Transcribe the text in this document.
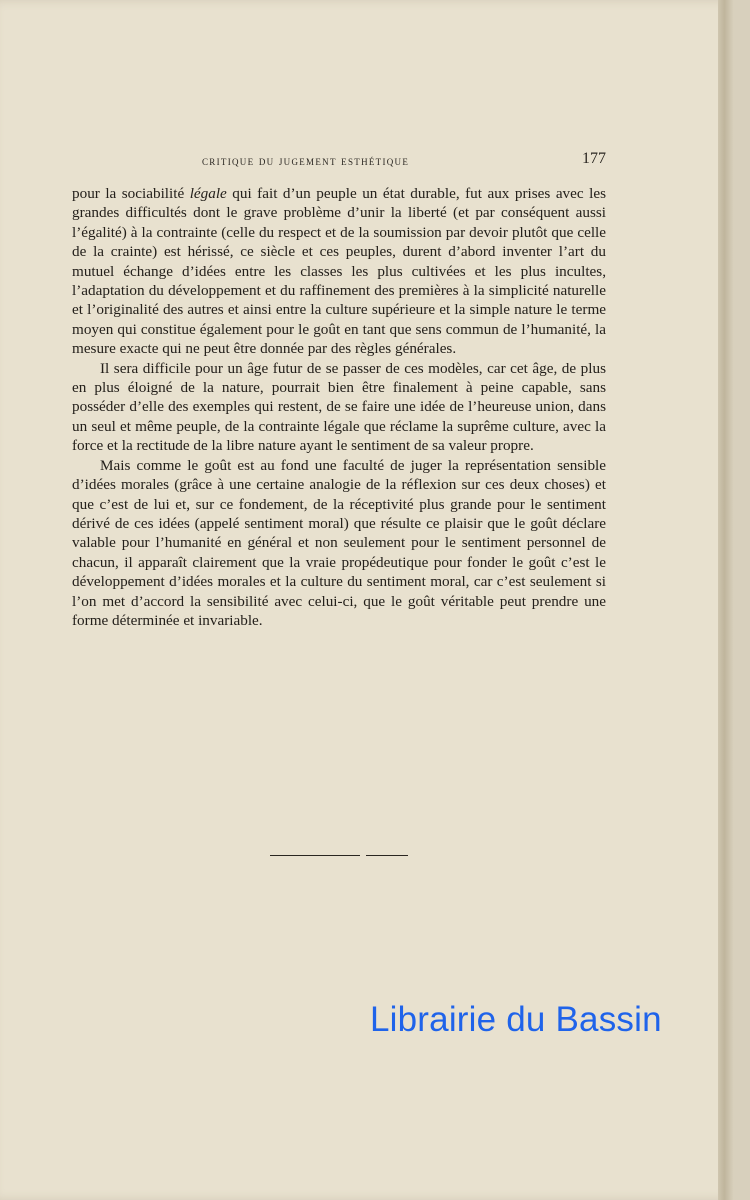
critique du jugement esthétique	177

pour la sociabilité légale qui fait d’un peuple un état durable, fut aux prises avec les grandes difficultés dont le grave problème d’unir la liberté (et par conséquent aussi l’égalité) à la contrainte (celle du respect et de la soumission par devoir plutôt que celle de la crainte) est hérissé, ce siècle et ces peuples, durent d’abord inventer l’art du mutuel échange d’idées entre les classes les plus cultivées et les plus incultes, l’adaptation du développement et du raffinement des premières à la simplicité naturelle et l’originalité des autres et ainsi entre la culture supérieure et la simple nature le terme moyen qui constitue également pour le goût en tant que sens commun de l’humanité, la mesure exacte qui ne peut être donnée par des règles générales.

Il sera difficile pour un âge futur de se passer de ces modèles, car cet âge, de plus en plus éloigné de la nature, pourrait bien être finalement à peine capable, sans posséder d’elle des exemples qui restent, de se faire une idée de l’heureuse union, dans un seul et même peuple, de la contrainte légale que réclame la suprême culture, avec la force et la rectitude de la libre nature ayant le sentiment de sa valeur propre.

Mais comme le goût est au fond une faculté de juger la représentation sensible d’idées morales (grâce à une certaine analogie de la réflexion sur ces deux choses) et que c’est de lui et, sur ce fondement, de la réceptivité plus grande pour le sentiment dérivé de ces idées (appelé sentiment moral) que résulte ce plaisir que le goût déclare valable pour l’humanité en général et non seulement pour le sentiment personnel de chacun, il apparaît clairement que la vraie propédeutique pour fonder le goût c’est le développement d’idées morales et la culture du sentiment moral, car c’est seulement si l’on met d’accord la sensibilité avec celui-ci, que le goût véritable peut prendre une forme déterminée et invariable.

Librairie du Bassin
